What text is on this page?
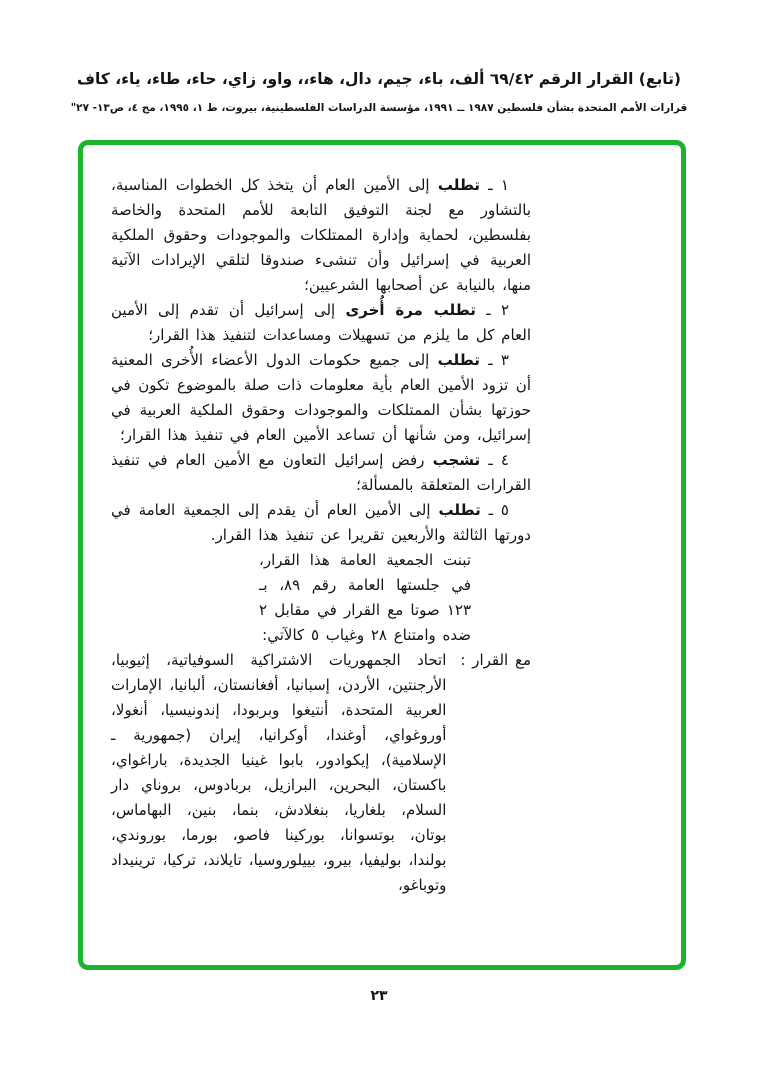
(تابع) القرار الرقم ٦٩/٤٢ ألف، باء، جيم، دال، هاء،، واو، زاي، حاء، طاء، ياء، كاف
قرارات الأمم المتحدة بشأن فلسطين ١٩٨٧ ــ ١٩٩١، مؤسسة الدراسات الفلسطينية، بيروت، ط ١، ١٩٩٥، مج ٤، ص١٣- ٢٧"

١ ـ تطلب إلى الأمين العام أن يتخذ كل الخطوات المناسبة، بالتشاور مع لجنة التوفيق التابعة للأمم المتحدة والخاصة بفلسطين، لحماية وإدارة الممتلكات والموجودات وحقوق الملكية العربية في إسرائيل وأن تنشىء صندوقا لتلقي الإيرادات الآتية منها، بالنيابة عن أصحابها الشرعيين؛

٢ ـ تطلب مرة أُخرى إلى إسرائيل أن تقدم إلى الأمين العام كل ما يلزم من تسهيلات ومساعدات لتنفيذ هذا القرار؛

٣ ـ تطلب إلى جميع حكومات الدول الأعضاء الأُخرى المعنية أن تزود الأمين العام بأية معلومات ذات صلة بالموضوع تكون في حوزتها بشأن الممتلكات والموجودات وحقوق الملكية العربية في إسرائيل، ومن شأنها أن تساعد الأمين العام في تنفيذ هذا القرار؛

٤ ـ تشجب رفض إسرائيل التعاون مع الأمين العام في تنفيذ القرارات المتعلقة بالمسألة؛

٥ ـ تطلب إلى الأمين العام أن يقدم إلى الجمعية العامة في دورتها الثالثة والأربعين تقريرا عن تنفيذ هذا القرار.

تبنت الجمعية العامة هذا القرار، في جلستها العامة رقم ٨٩، بـ ١٢٣ صوتا مع القرار في مقابل ٢ ضده وامتناع ٢٨ وغياب ٥ كالآتي:

مع القرار :
اتحاد الجمهوريات الاشتراكية السوفياتية، إثيوبيا، الأرجنتين، الأردن، إسبانيا، أفغانستان، ألبانيا، الإمارات العربية المتحدة، أنتيغوا وبربودا، إندونيسيا، أنغولا، أوروغواي، أوغندا، أوكرانيا، إيران (جمهورية ـ الإسلامية)، إيكوادور، بابوا غينيا الجديدة، باراغواي، باكستان، البحرين، البرازيل، بربادوس، بروناي دار السلام، بلغاريا، بنغلادش، بنما، بنين، البهاماس، بوتان، بوتسوانا، بوركينا فاصو، بورما، بوروندي، بولندا، بوليفيا، بيرو، بييلوروسيا، تايلاند، تركيا، ترينيداد وتوباغو،
٢٣
